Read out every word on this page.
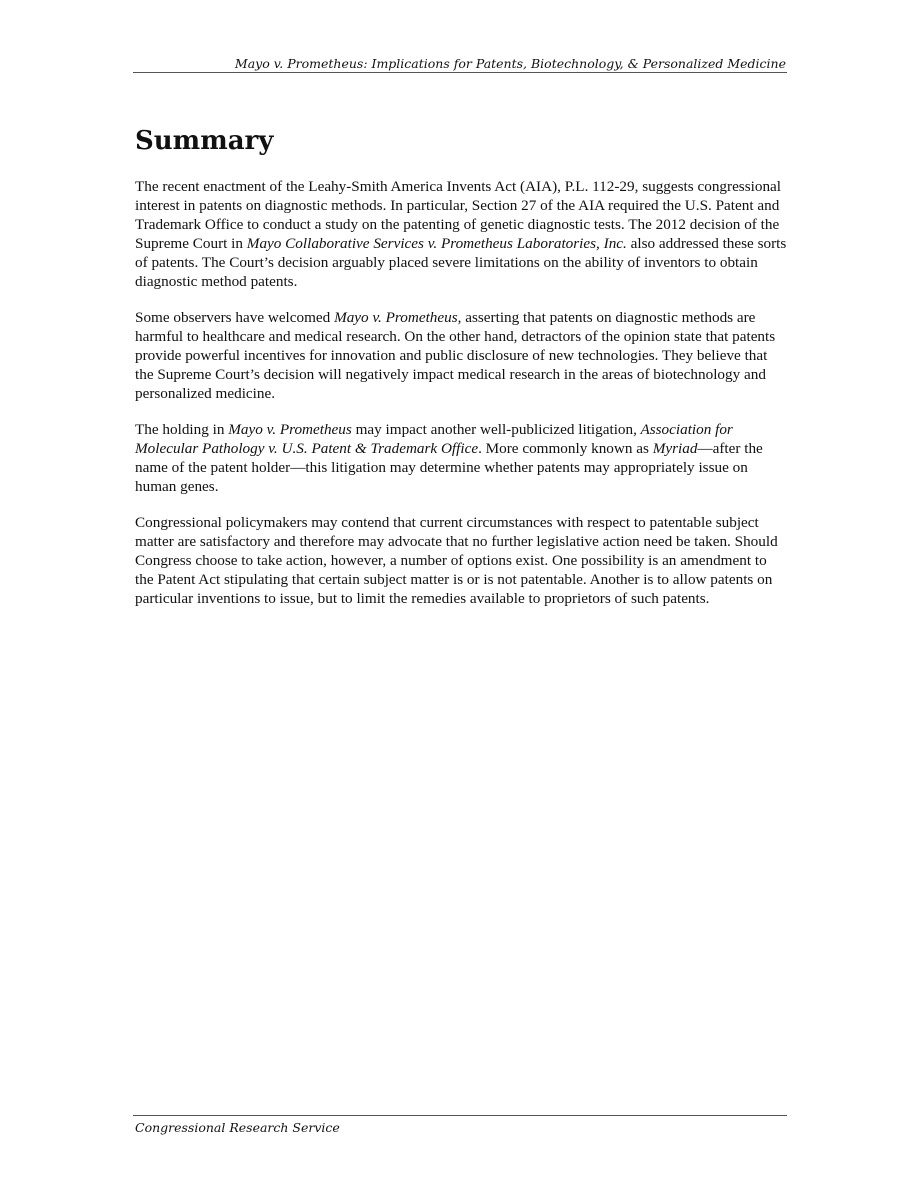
Mayo v. Prometheus: Implications for Patents, Biotechnology, & Personalized Medicine
Summary

The recent enactment of the Leahy-Smith America Invents Act (AIA), P.L. 112-29, suggests congressional interest in patents on diagnostic methods. In particular, Section 27 of the AIA required the U.S. Patent and Trademark Office to conduct a study on the patenting of genetic diagnostic tests. The 2012 decision of the Supreme Court in Mayo Collaborative Services v. Prometheus Laboratories, Inc. also addressed these sorts of patents. The Court’s decision arguably placed severe limitations on the ability of inventors to obtain diagnostic method patents.

Some observers have welcomed Mayo v. Prometheus, asserting that patents on diagnostic methods are harmful to healthcare and medical research. On the other hand, detractors of the opinion state that patents provide powerful incentives for innovation and public disclosure of new technologies. They believe that the Supreme Court’s decision will negatively impact medical research in the areas of biotechnology and personalized medicine.

The holding in Mayo v. Prometheus may impact another well-publicized litigation, Association for Molecular Pathology v. U.S. Patent & Trademark Office. More commonly known as Myriad—after the name of the patent holder—this litigation may determine whether patents may appropriately issue on human genes.

Congressional policymakers may contend that current circumstances with respect to patentable subject matter are satisfactory and therefore may advocate that no further legislative action need be taken. Should Congress choose to take action, however, a number of options exist. One possibility is an amendment to the Patent Act stipulating that certain subject matter is or is not patentable. Another is to allow patents on particular inventions to issue, but to limit the remedies available to proprietors of such patents.

Congressional Research Service
